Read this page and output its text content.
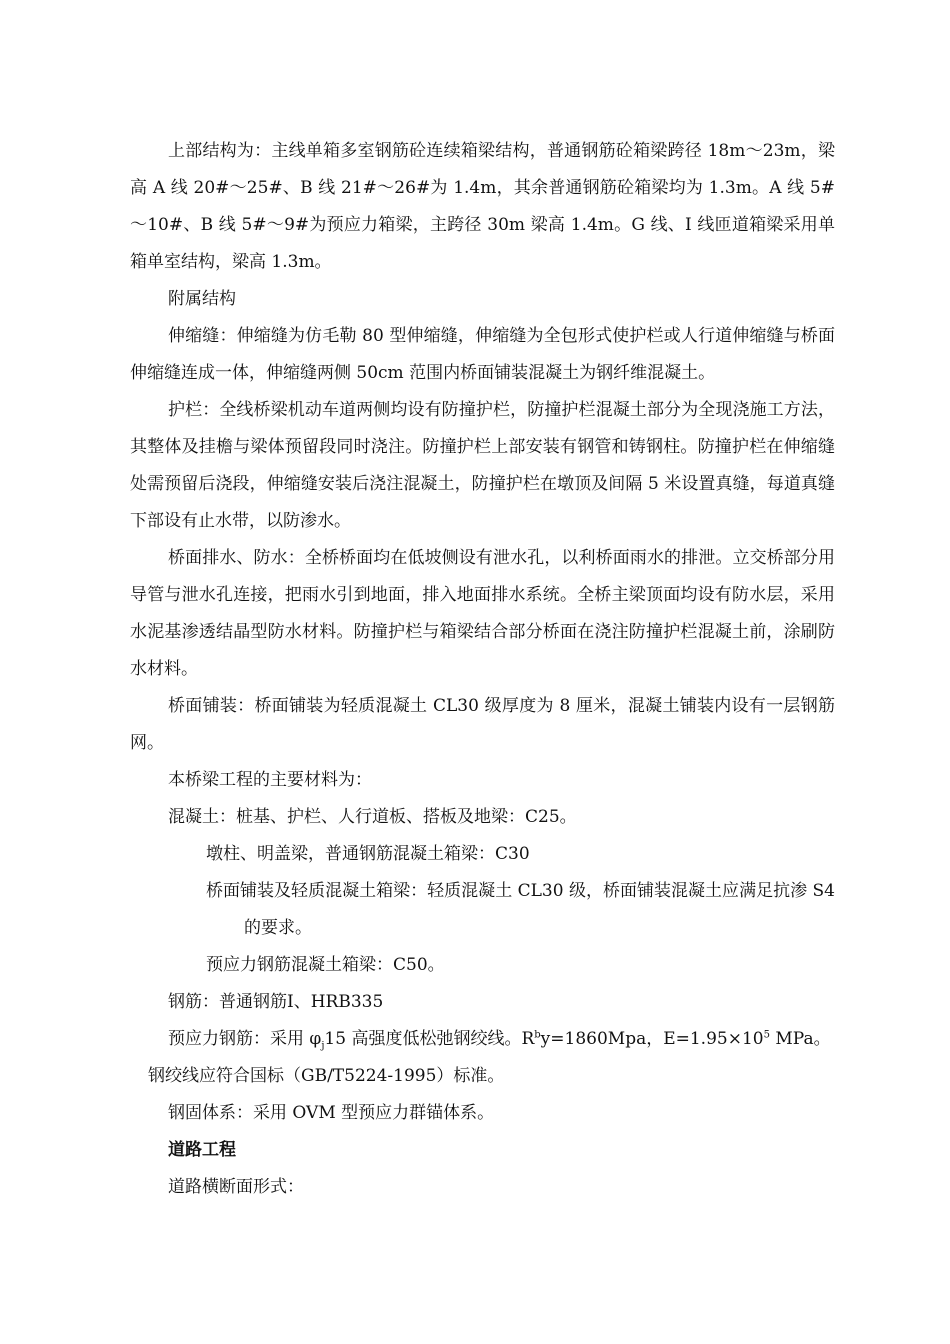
上部结构为：主线单箱多室钢筋砼连续箱梁结构，普通钢筋砼箱梁跨径 18m～23m，梁高 A 线 20#～25#、B 线 21#～26#为 1.4m，其余普通钢筋砼箱梁均为 1.3m。A 线 5#～10#、B 线 5#～9#为预应力箱梁，主跨径 30m 梁高 1.4m。G 线、I 线匝道箱梁采用单箱单室结构，梁高 1.3m。

附属结构

伸缩缝：伸缩缝为仿毛勒 80 型伸缩缝，伸缩缝为全包形式使护栏或人行道伸缩缝与桥面伸缩缝连成一体，伸缩缝两侧 50cm 范围内桥面铺装混凝土为钢纤维混凝土。

护栏：全线桥梁机动车道两侧均设有防撞护栏，防撞护栏混凝土部分为全现浇施工方法，其整体及挂檐与梁体预留段同时浇注。防撞护栏上部安装有钢管和铸钢柱。防撞护栏在伸缩缝处需预留后浇段，伸缩缝安装后浇注混凝土，防撞护栏在墩顶及间隔 5 米设置真缝，每道真缝下部设有止水带，以防渗水。

桥面排水、防水：全桥桥面均在低坡侧设有泄水孔，以利桥面雨水的排泄。立交桥部分用导管与泄水孔连接，把雨水引到地面，排入地面排水系统。全桥主梁顶面均设有防水层，采用水泥基渗透结晶型防水材料。防撞护栏与箱梁结合部分桥面在浇注防撞护栏混凝土前，涂刷防水材料。

桥面铺装：桥面铺装为轻质混凝土 CL30 级厚度为 8 厘米，混凝土铺装内设有一层钢筋网。

本桥梁工程的主要材料为：

混凝土：桩基、护栏、人行道板、搭板及地梁：C25。

墩柱、明盖梁，普通钢筋混凝土箱梁：C30

桥面铺装及轻质混凝土箱梁：轻质混凝土 CL30 级，桥面铺装混凝土应满足抗渗 S4 的要求。

预应力钢筋混凝土箱梁：C50。

钢筋：普通钢筋Ⅰ、HRB335

预应力钢筋：采用 $\varphi_j15$ 高强度低松弛钢绞线。$R^by=1860Mpa$，$E=1.95\times 10^5$ MPa。

钢绞线应符合国标（GB/T5224-1995）标准。

钢固体系：采用 OVM 型预应力群锚体系。

道路工程

道路横断面形式：
